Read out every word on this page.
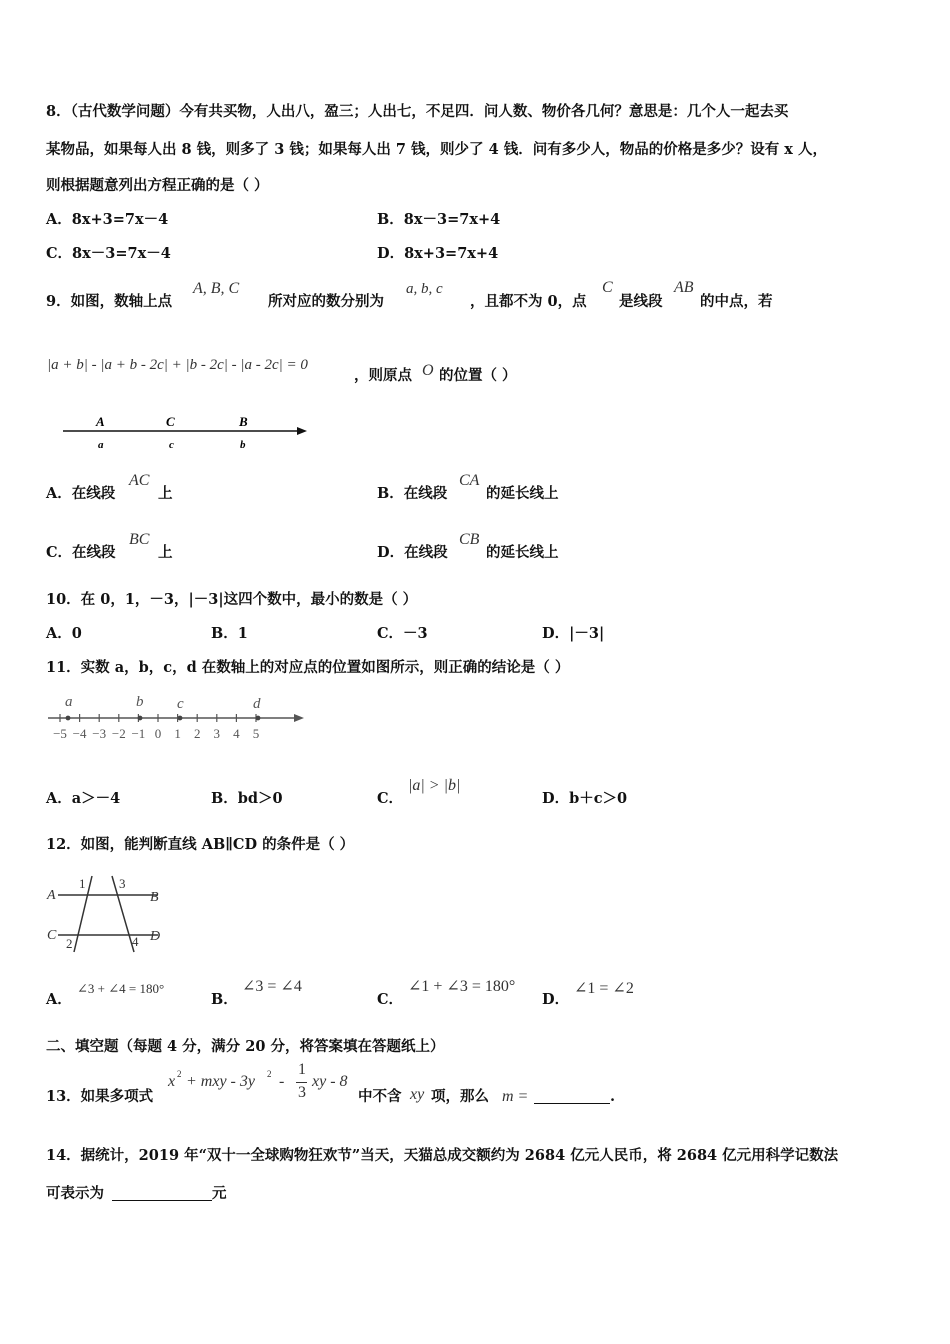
8．（古代数学问题）今有共买物，人出八，盈三；人出七，不足四．问人数、物价各几何？意思是：几个人一起去买
某物品，如果每人出 8 钱，则多了 3 钱；如果每人出 7 钱，则少了 4 钱．问有多少人，物品的价格是多少？设有 x 人，
则根据题意列出方程正确的是（ ）
A．8x+3=7x－4	B．8x－3=7x+4
C．8x－3=7x－4	D．8x+3=7x+4
9．如图，数轴上点
A, B, C
所对应的数分别为
a, b, c
，且都不为 0，点
C
是线段
AB
的中点，若
|a + b| - |a + b - 2c| + |b - 2c| - |a - 2c| = 0
，则原点 O 的位置（ ）
A
a
C
c
B
b
A．在线段
AC
上	B．在线段
CA
的延长线上
C．在线段
BC
上	D．在线段
CB
的延长线上
10．在 0，1，－3，|－3|这四个数中，最小的数是（ ）
A．0	B．1	C．－3	D．|－3|
11．实数 a，b，c，d 在数轴上的对应点的位置如图所示，则正确的结论是（ ）
−5 −4 −3 −2 −1 0 1 2 3 4 5
a	b c	d
A．a＞－4	B．bd＞0	C．
|a| > |b|
D．b＋c＞0
12．如图，能判断直线 AB∥CD 的条件是（ ）
A	B
C	D
1	3
2	4
A．
∠3 + ∠4 = 180°
B．
∠3 = ∠4
C．
∠1 + ∠3 = 180°
D．
∠1 = ∠2
二、填空题（每题 4 分，满分 20 分，将答案填在答题纸上）
13．如果多项式
x 2 + mxy - 3y 2 -
1
3
xy - 8
中不含 xy 项，那么 m =	.
14．据统计，2019 年“双十一全球购物狂欢节”当天，天猫总成交额约为 2684 亿元人民币，将 2684 亿元用科学记数法
可表示为	元
